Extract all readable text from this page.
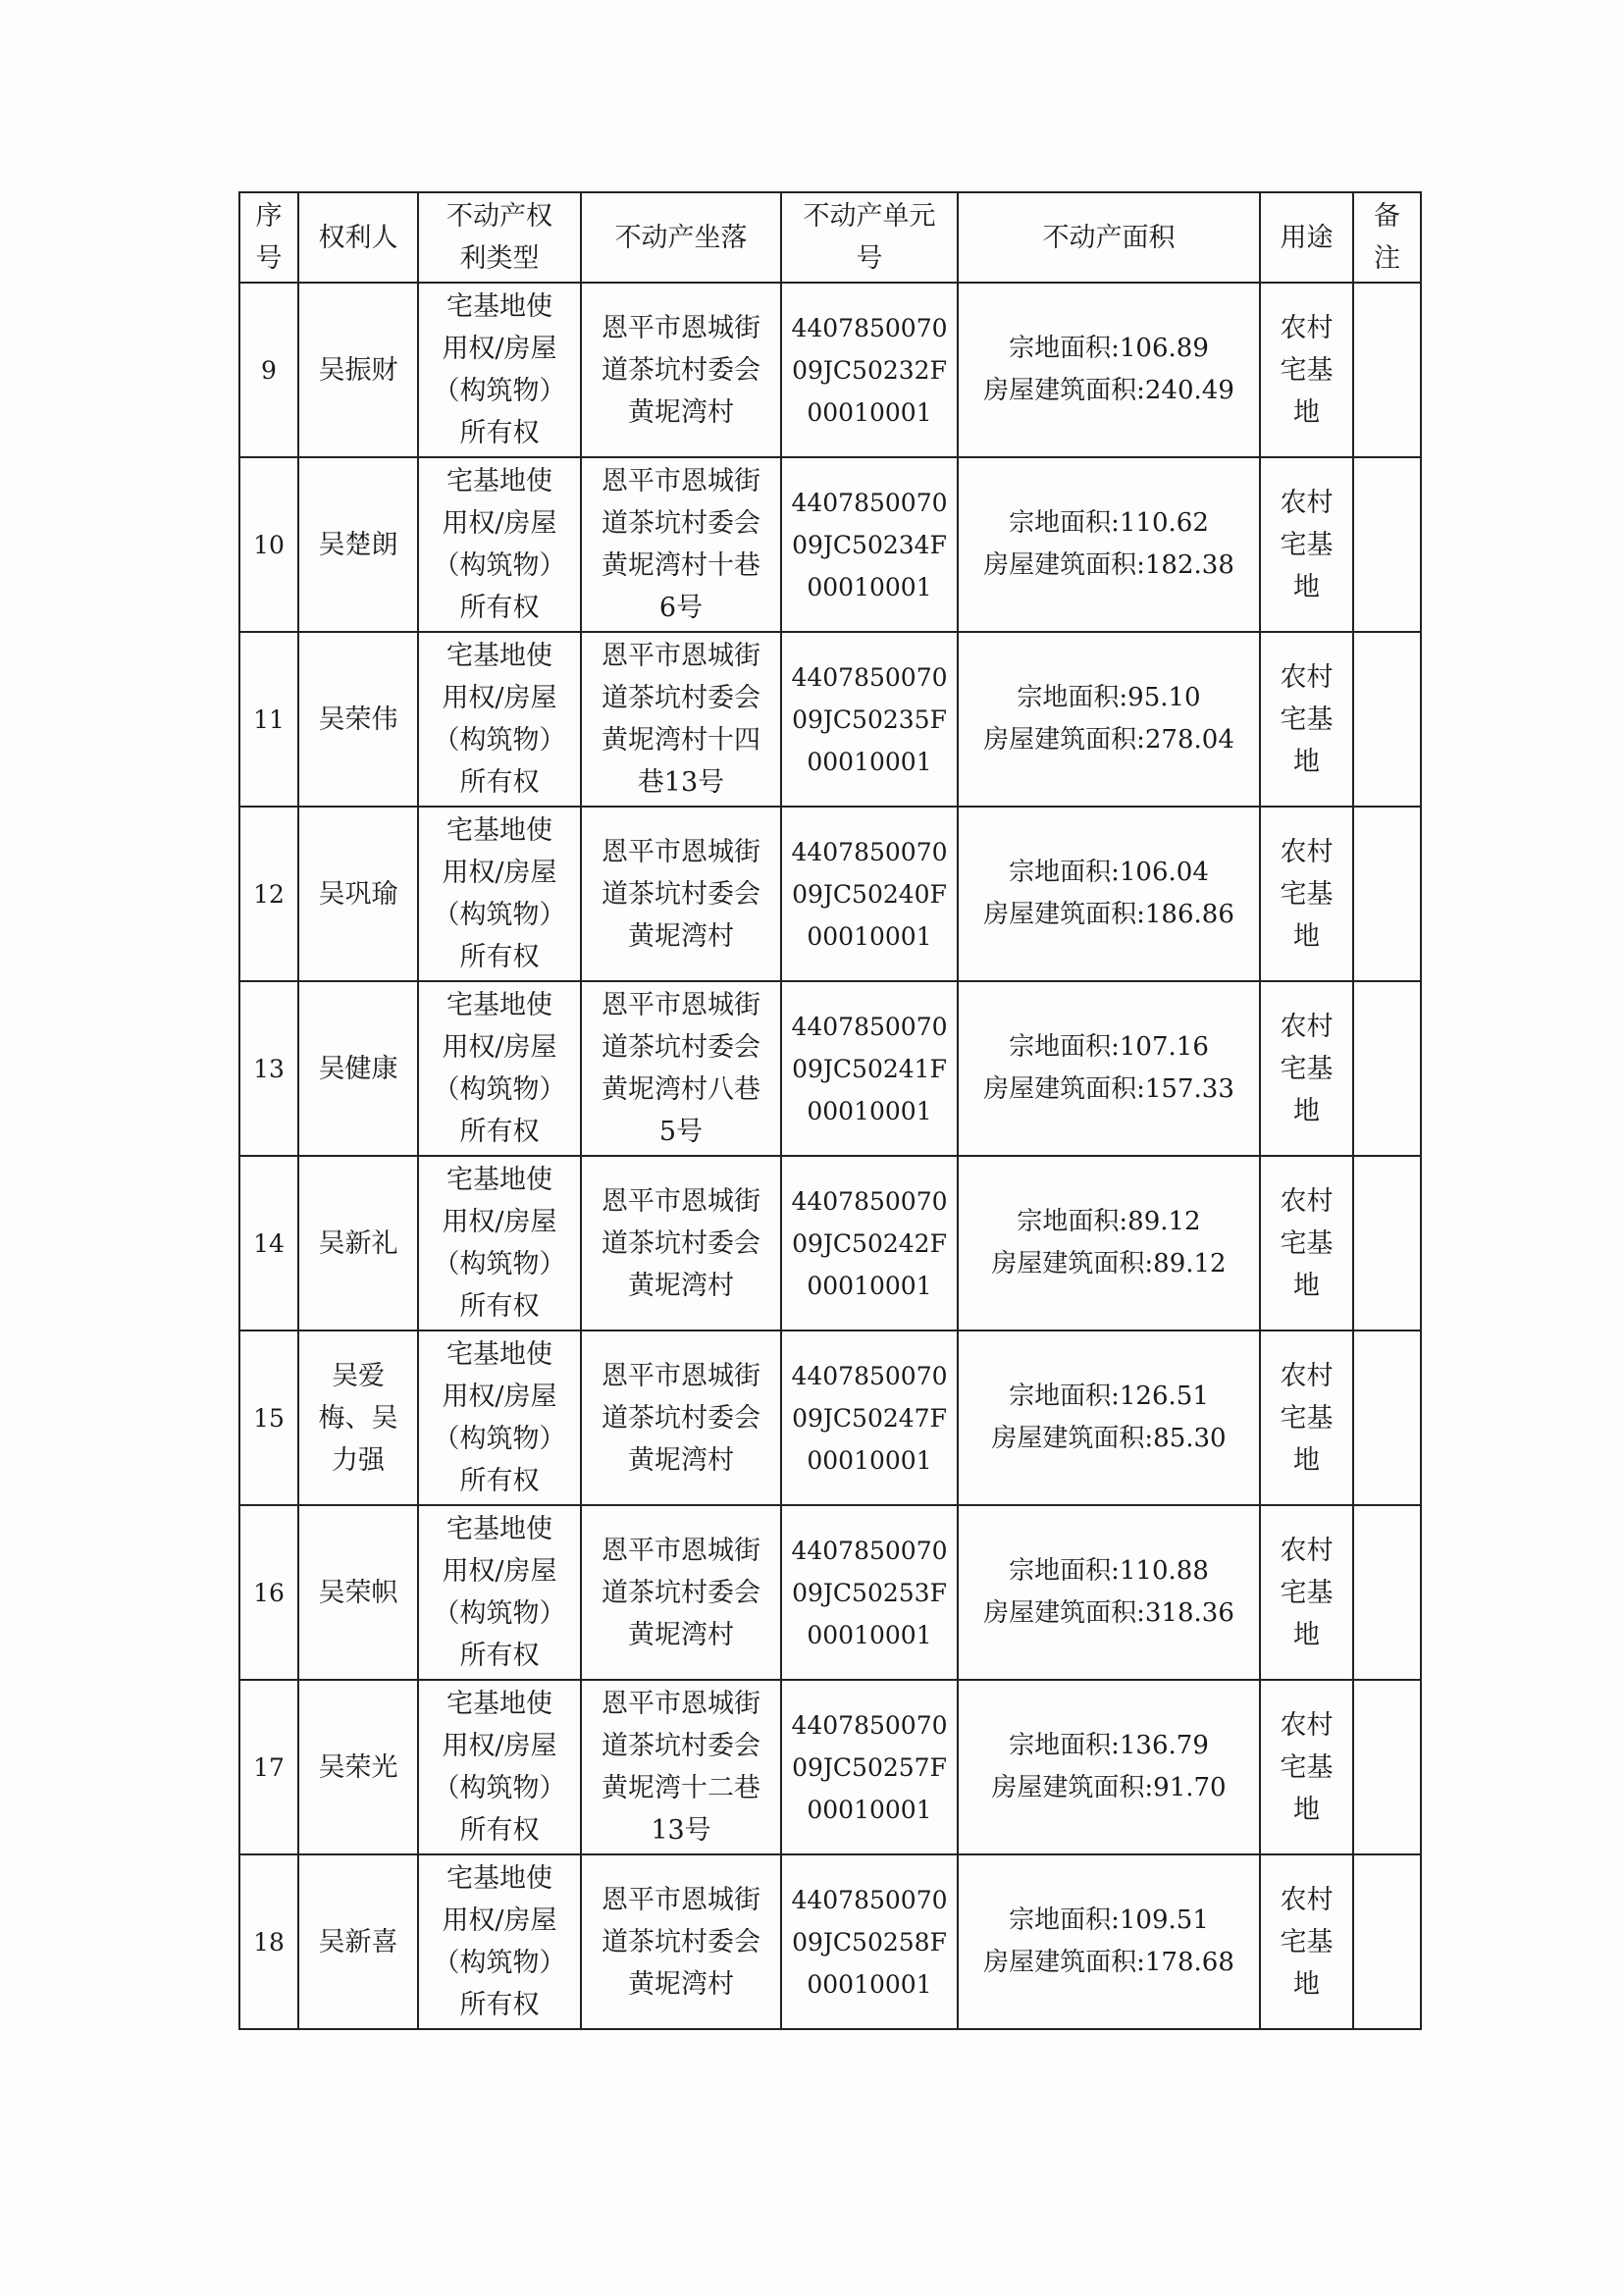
序
号	权利人	不动产权
利类型	不动产坐落	不动产单元
号	不动产面积	用途	备
注

9	吴振财	宅基地使
用权/房屋
（构筑物）
所有权	恩平市恩城街
道茶坑村委会
黄坭湾村	4407850070
09JC50232F
00010001	宗地面积:106.89
房屋建筑面积:240.49	农村
宅基
地	

10	吴楚朗	宅基地使
用权/房屋
（构筑物）
所有权	恩平市恩城街
道茶坑村委会
黄坭湾村十巷
6号	4407850070
09JC50234F
00010001	宗地面积:110.62
房屋建筑面积:182.38	农村
宅基
地	

11	吴荣伟	宅基地使
用权/房屋
（构筑物）
所有权	恩平市恩城街
道茶坑村委会
黄坭湾村十四
巷13号	4407850070
09JC50235F
00010001	宗地面积:95.10
房屋建筑面积:278.04	农村
宅基
地	

12	吴巩瑜	宅基地使
用权/房屋
（构筑物）
所有权	恩平市恩城街
道茶坑村委会
黄坭湾村	4407850070
09JC50240F
00010001	宗地面积:106.04
房屋建筑面积:186.86	农村
宅基
地	

13	吴健康	宅基地使
用权/房屋
（构筑物）
所有权	恩平市恩城街
道茶坑村委会
黄坭湾村八巷
5号	4407850070
09JC50241F
00010001	宗地面积:107.16
房屋建筑面积:157.33	农村
宅基
地	

14	吴新礼	宅基地使
用权/房屋
（构筑物）
所有权	恩平市恩城街
道茶坑村委会
黄坭湾村	4407850070
09JC50242F
00010001	宗地面积:89.12
房屋建筑面积:89.12	农村
宅基
地	

15	吴爱
梅、吴
力强	宅基地使
用权/房屋
（构筑物）
所有权	恩平市恩城街
道茶坑村委会
黄坭湾村	4407850070
09JC50247F
00010001	宗地面积:126.51
房屋建筑面积:85.30	农村
宅基
地	

16	吴荣帜	宅基地使
用权/房屋
（构筑物）
所有权	恩平市恩城街
道茶坑村委会
黄坭湾村	4407850070
09JC50253F
00010001	宗地面积:110.88
房屋建筑面积:318.36	农村
宅基
地	

17	吴荣光	宅基地使
用权/房屋
（构筑物）
所有权	恩平市恩城街
道茶坑村委会
黄坭湾十二巷
13号	4407850070
09JC50257F
00010001	宗地面积:136.79
房屋建筑面积:91.70	农村
宅基
地	

18	吴新喜	宅基地使
用权/房屋
（构筑物）
所有权	恩平市恩城街
道茶坑村委会
黄坭湾村	4407850070
09JC50258F
00010001	宗地面积:109.51
房屋建筑面积:178.68	农村
宅基
地	
